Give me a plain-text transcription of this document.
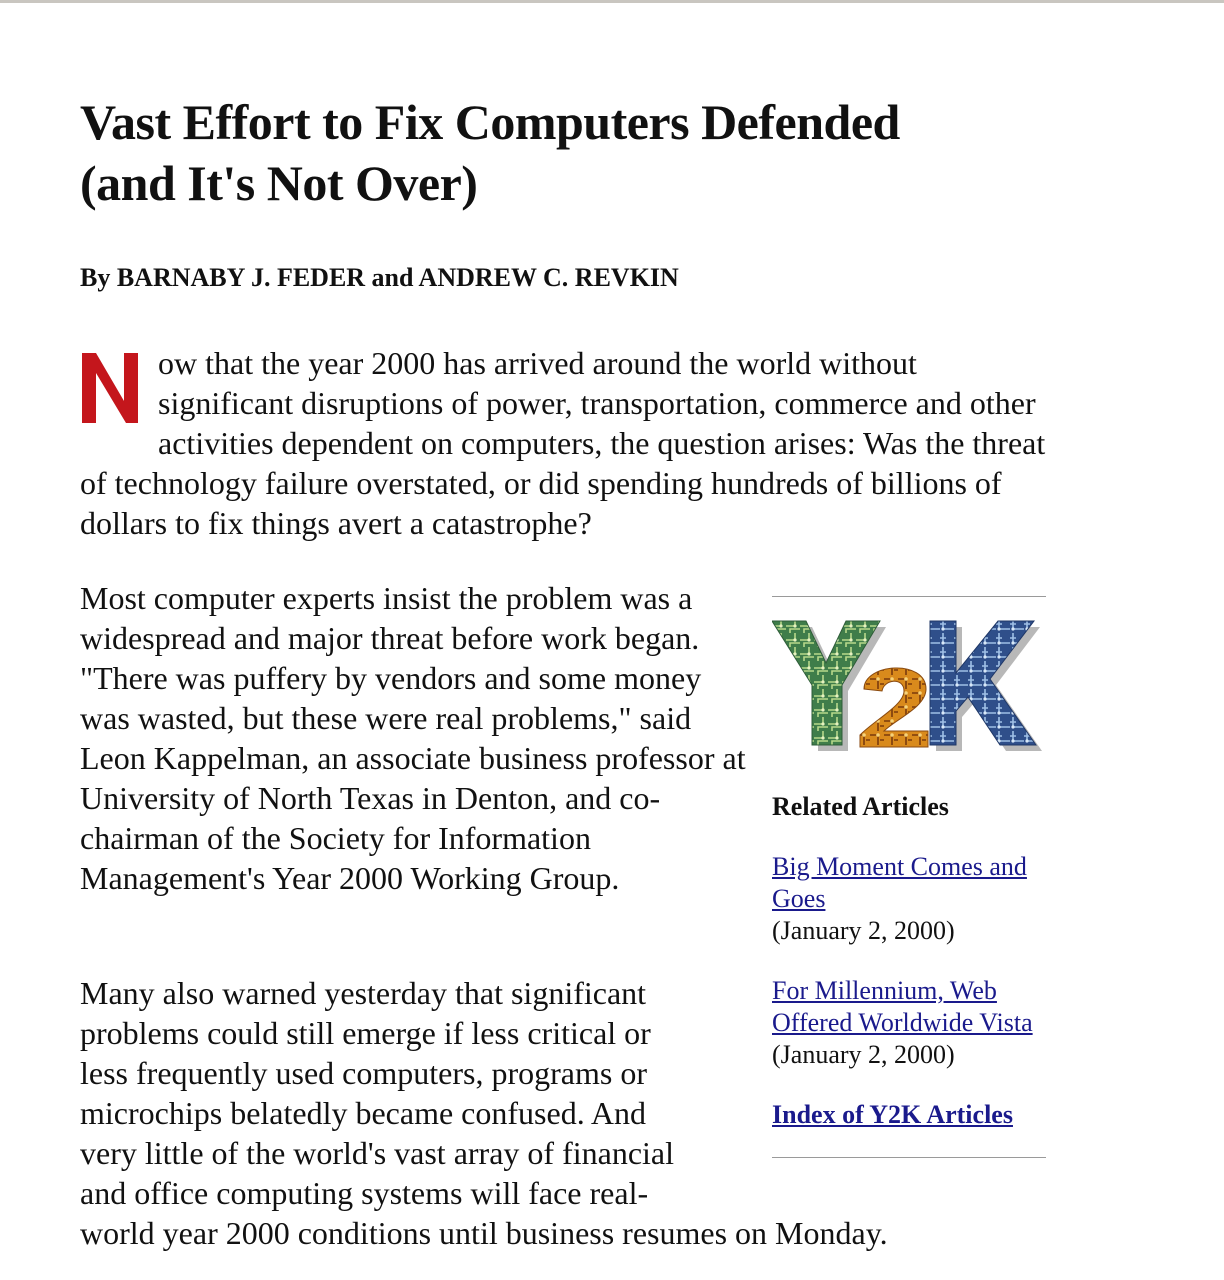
Vast Effort to Fix Computers Defended
(and It's Not Over)

By BARNABY J. FEDER and ANDREW C. REVKIN

ow that the year 2000 has arrived around the world without significant disruptions of power, transportation, commerce and other activities dependent on computers, the question arises: Was the threat of technology failure overstated, or did spending hundreds of billions of dollars to fix things avert a catastrophe?

Most computer experts insist the problem was a widespread and major threat before work began. "There was puffery by vendors and some money was wasted, but these were real problems," said Leon Kappelman, an associate business professor at University of North Texas in Denton, and co-chairman of the Society for Information Management's Year 2000 Working Group.

Many also warned yesterday that significant
problems could still emerge if less critical or
less frequently used computers, programs or
microchips belatedly became confused. And
very little of the world's vast array of financial
and office computing systems will face real-
world year 2000 conditions until business resumes on Monday.

Related Articles
Big Moment Comes and Goes
(January 2, 2000)
For Millennium, Web Offered Worldwide Vista
(January 2, 2000)
Index of Y2K Articles
